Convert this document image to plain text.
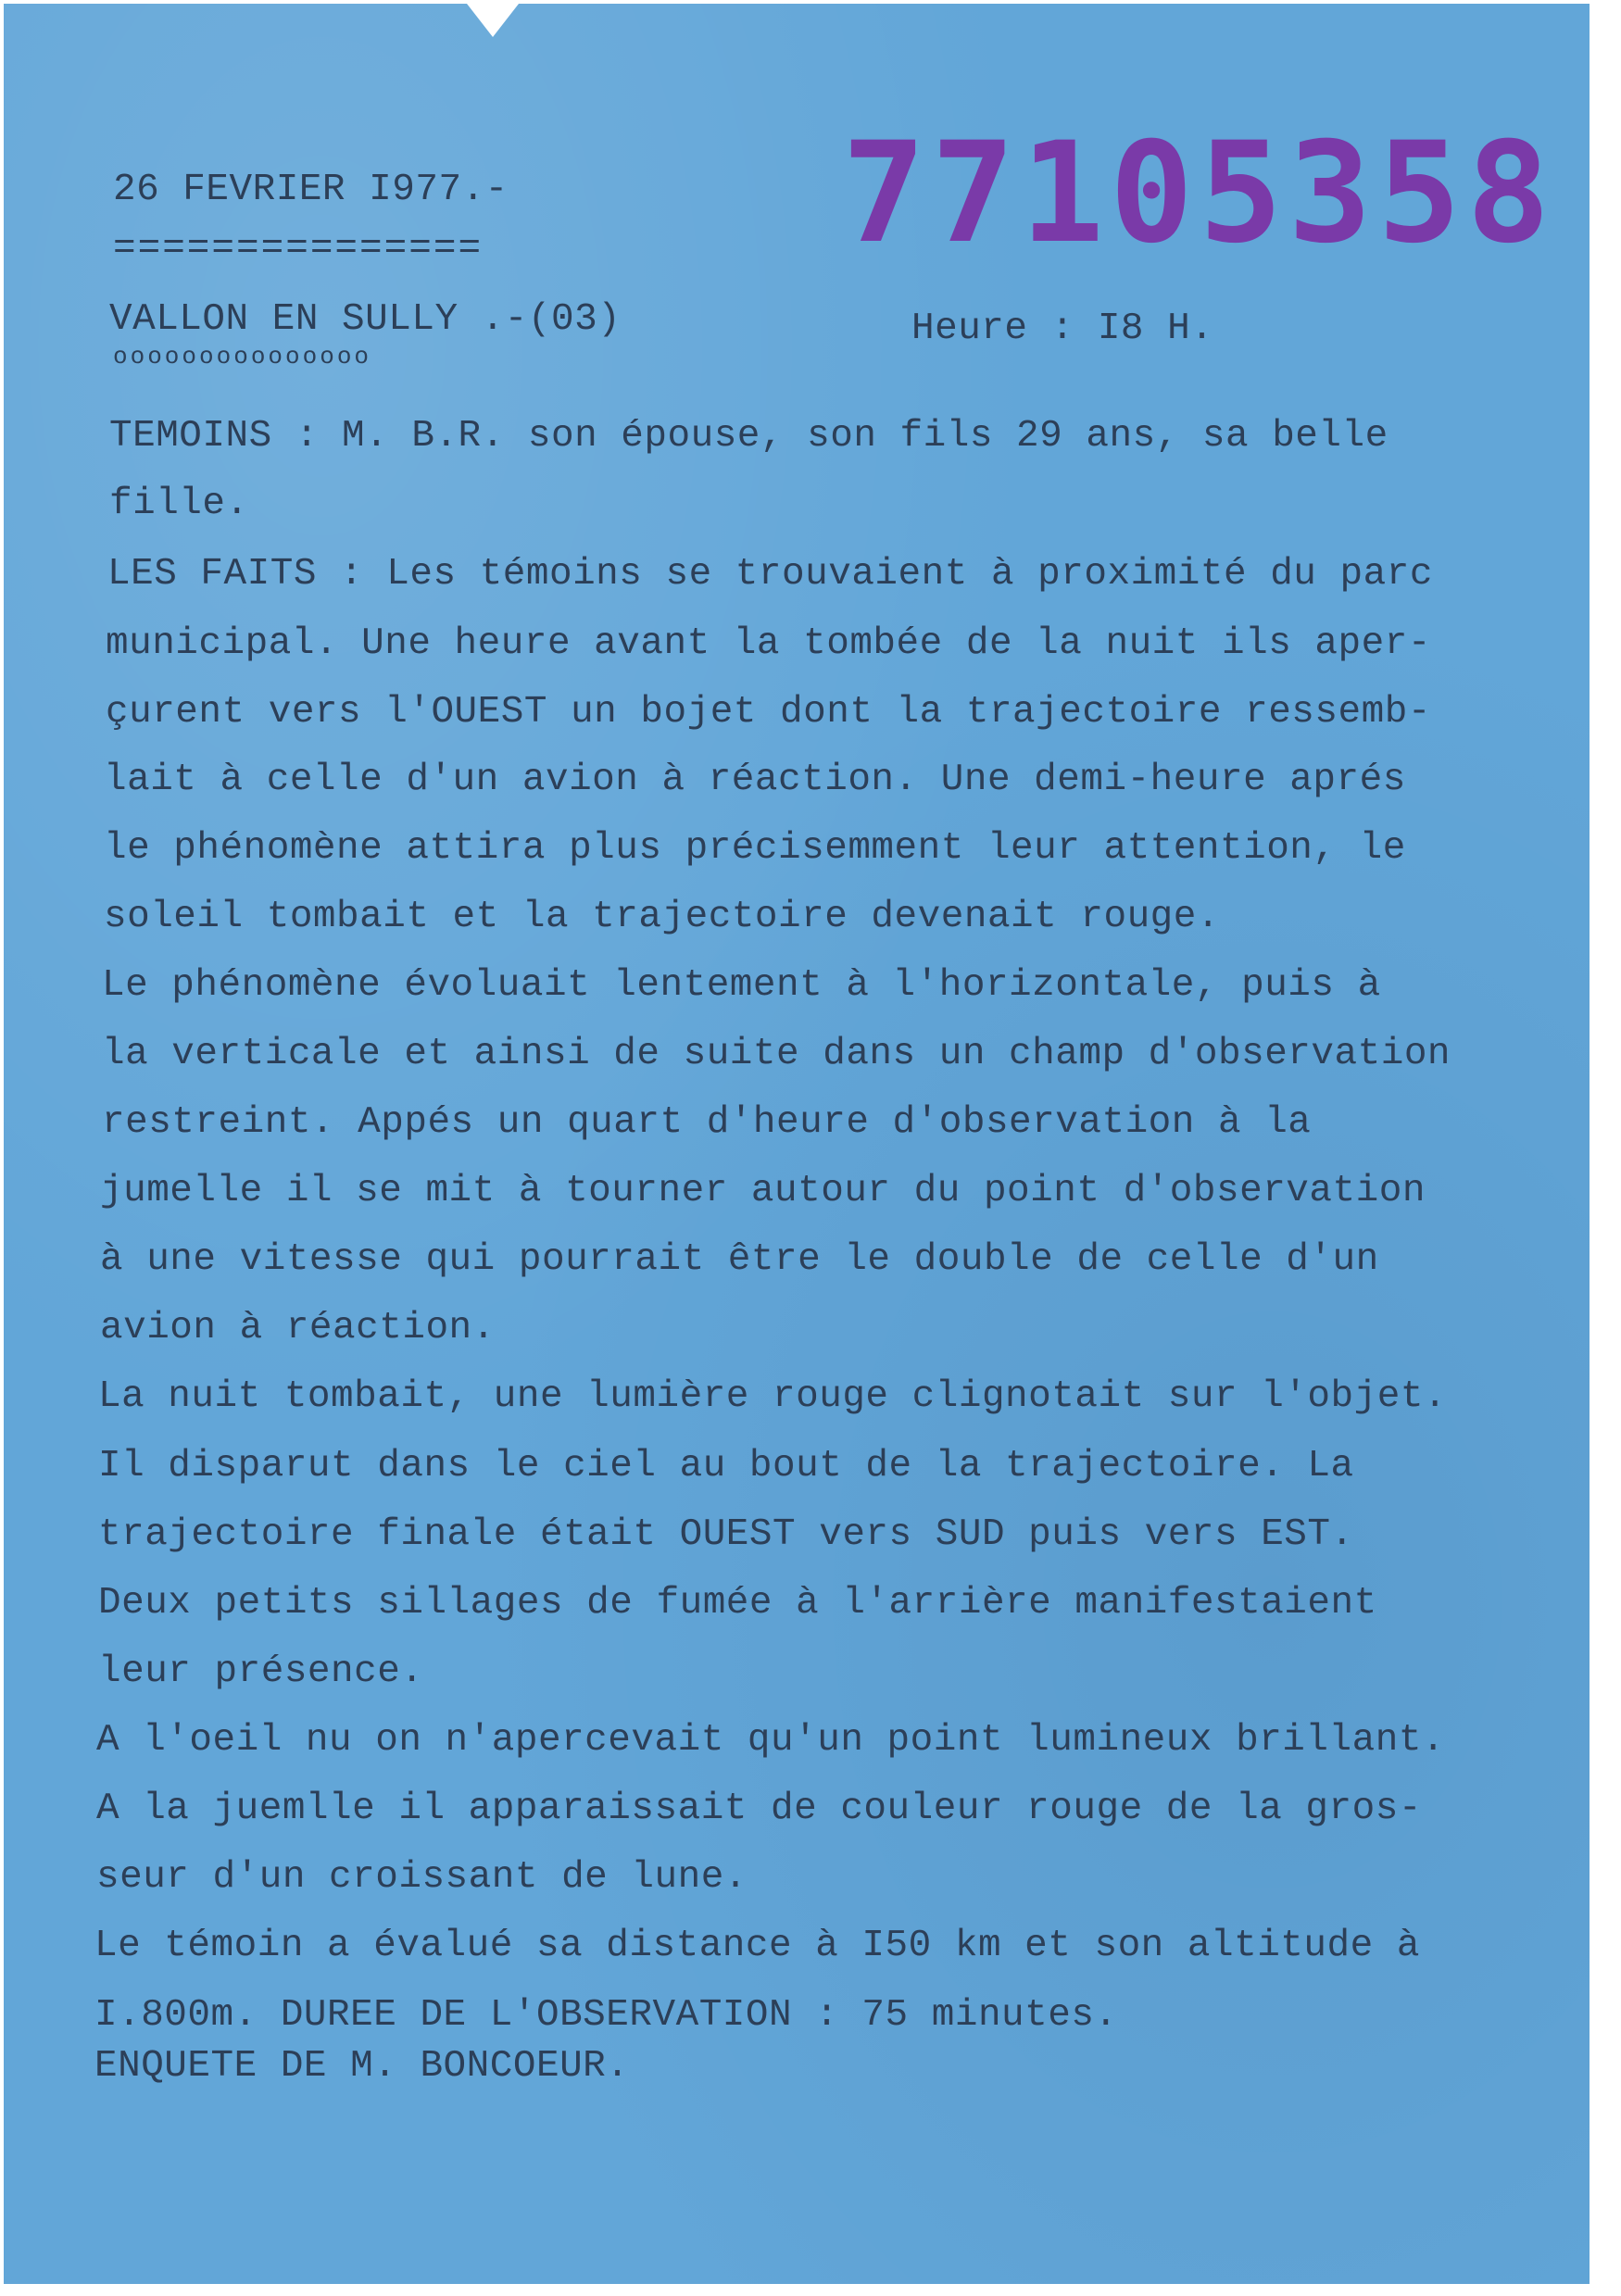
26 FEVRIER I977.-

===============	77105358

VALLON EN SULLY .-(03)

ooooooooooooooo

Heure : I8 H.

TEMOINS : M. B.R. son épouse, son fils 29 ans, sa belle

fille.

LES FAITS : Les témoins se trouvaient à proximité du parc

municipal. Une heure avant la tombée de la nuit ils aper-

çurent vers l'OUEST un bojet dont la trajectoire ressemb-

lait à celle d'un avion à réaction. Une demi-heure aprés

le phénomène attira plus précisemment leur attention, le

soleil tombait et la trajectoire devenait rouge.

Le phénomène évoluait lentement à l'horizontale, puis à

la verticale et ainsi de suite dans un champ d'observation

restreint. Appés un quart d'heure d'observation à la

jumelle il se mit à tourner autour du point d'observation

à une vitesse qui pourrait être le double de celle d'un

avion à réaction.

La nuit tombait, une lumière rouge clignotait sur l'objet.

Il disparut dans le ciel au bout de la trajectoire. La

trajectoire finale était OUEST vers SUD puis vers EST.

Deux petits sillages de fumée à l'arrière manifestaient

leur présence.

A l'oeil nu on n'apercevait qu'un point lumineux brillant.

A la juemlle il apparaissait de couleur rouge de la gros-

seur d'un croissant de lune.

Le témoin a évalué sa distance à I50 km et son altitude à

I.800m. DUREE DE L'OBSERVATION : 75 minutes.

ENQUETE DE M. BONCOEUR.
